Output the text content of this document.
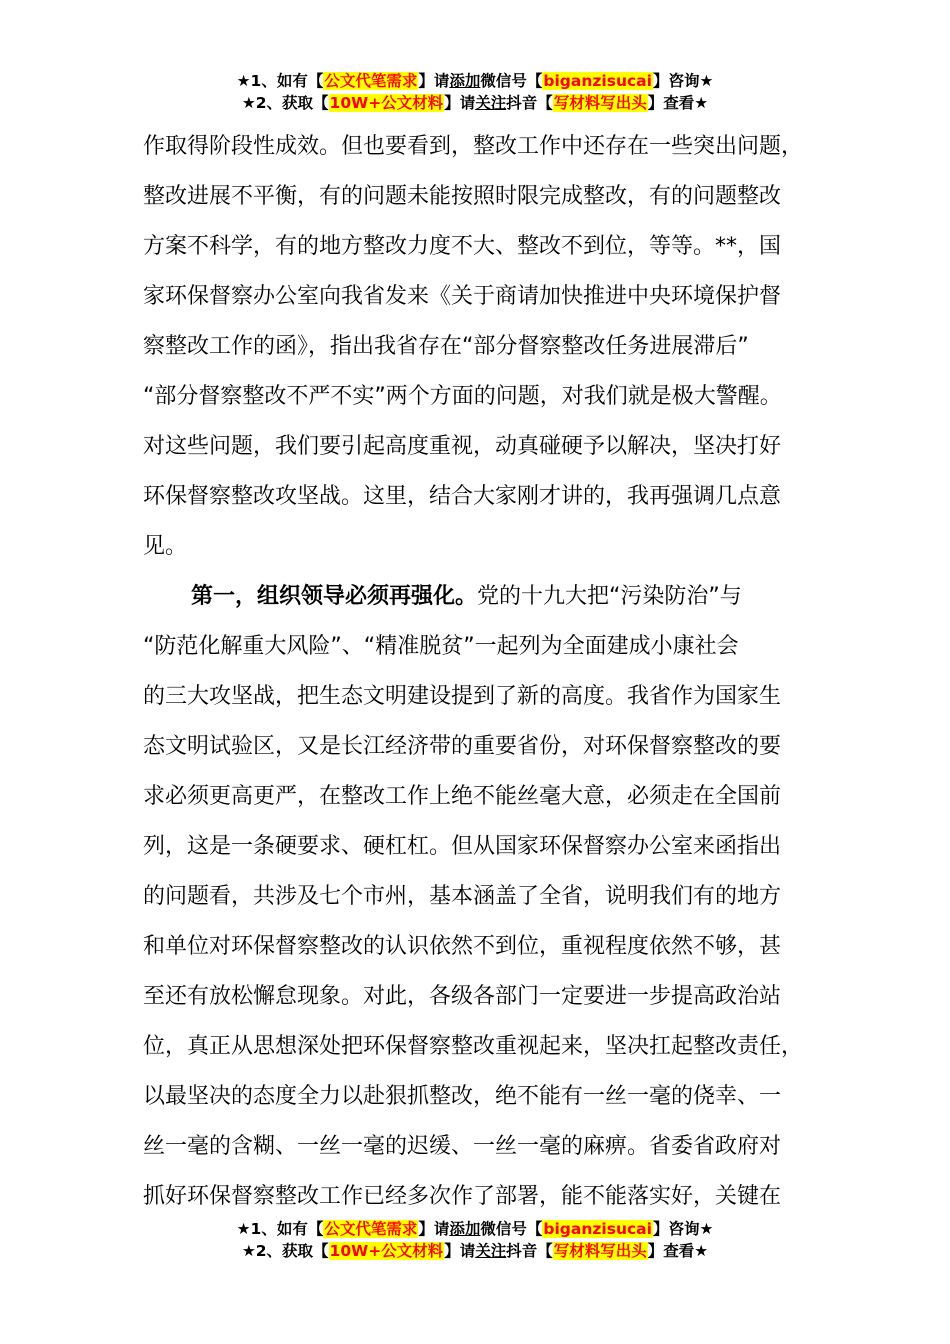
★1、如有【公文代笔需求】请添加微信号【biganzisucai】咨询★
★2、获取【10W+公文材料】请关注抖音【写材料写出头】查看★
作取得阶段性成效。但也要看到，整改工作中还存在一些突出问题，
整改进展不平衡，有的问题未能按照时限完成整改，有的问题整改
方案不科学，有的地方整改力度不大、整改不到位，等等。**，国
家环保督察办公室向我省发来《关于商请加快推进中央环境保护督
察整改工作的函》，指出我省存在“部分督察整改任务进展滞后”
“部分督察整改不严不实”两个方面的问题，对我们就是极大警醒。
对这些问题，我们要引起高度重视，动真碰硬予以解决，坚决打好
环保督察整改攻坚战。这里，结合大家刚才讲的，我再强调几点意
见。
第一，组织领导必须再强化。党的十九大把“污染防治”与
“防范化解重大风险”、“精准脱贫”一起列为全面建成小康社会
的三大攻坚战，把生态文明建设提到了新的高度。我省作为国家生
态文明试验区，又是长江经济带的重要省份，对环保督察整改的要
求必须更高更严，在整改工作上绝不能丝毫大意，必须走在全国前
列，这是一条硬要求、硬杠杠。但从国家环保督察办公室来函指出
的问题看，共涉及七个市州，基本涵盖了全省，说明我们有的地方
和单位对环保督察整改的认识依然不到位，重视程度依然不够，甚
至还有放松懈怠现象。对此，各级各部门一定要进一步提高政治站
位，真正从思想深处把环保督察整改重视起来，坚决扛起整改责任，
以最坚决的态度全力以赴狠抓整改，绝不能有一丝一毫的侥幸、一
丝一毫的含糊、一丝一毫的迟缓、一丝一毫的麻痹。省委省政府对
抓好环保督察整改工作已经多次作了部署，能不能落实好，关键在
★1、如有【公文代笔需求】请添加微信号【biganzisucai】咨询★
★2、获取【10W+公文材料】请关注抖音【写材料写出头】查看★
